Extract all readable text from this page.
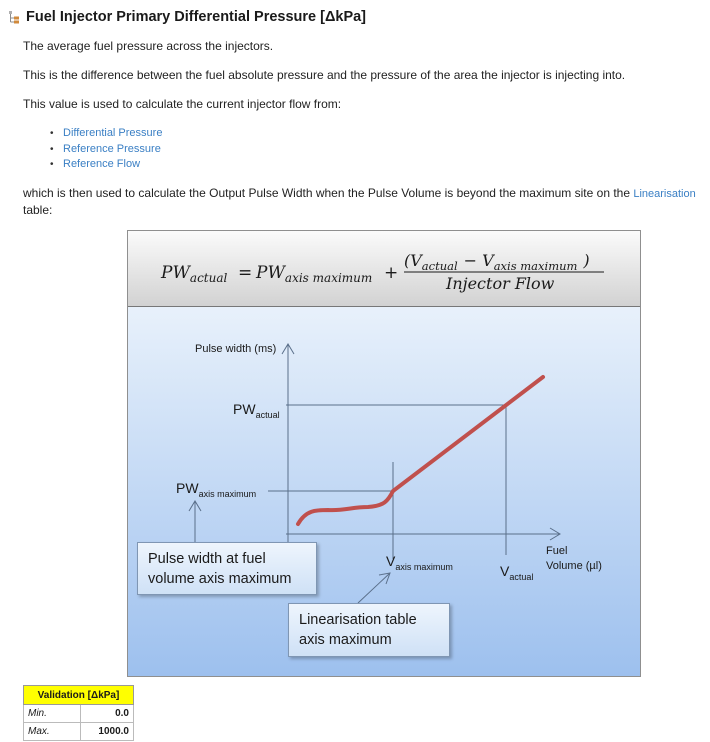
Fuel Injector Primary Differential Pressure [ΔkPa]
The average fuel pressure across the injectors.
This is the difference between the fuel absolute pressure and the pressure of the area the injector is injecting into.
This value is used to calculate the current injector flow from:
• Differential Pressure
• Reference Pressure
• Reference Flow
which is then used to calculate the Output Pulse Width when the Pulse Volume is beyond the maximum site on the Linearisation table:
$PW_{actual} = PW_{axis maximum}$ +
($V_{actual} - V_{axis maximum}$ )
Injector Flow
Pulse width (ms)
Fuel
Volume (µl)
$PW_{actual}$
$PW_{axis maximum}$
$V_{axis maximum}$	$V_{actual}$
Pulse width at fuel volume axis maximum
Linearisation table axis maximum
Validation [ΔkPa]	
Min.	0.0
Max.	1000.0
